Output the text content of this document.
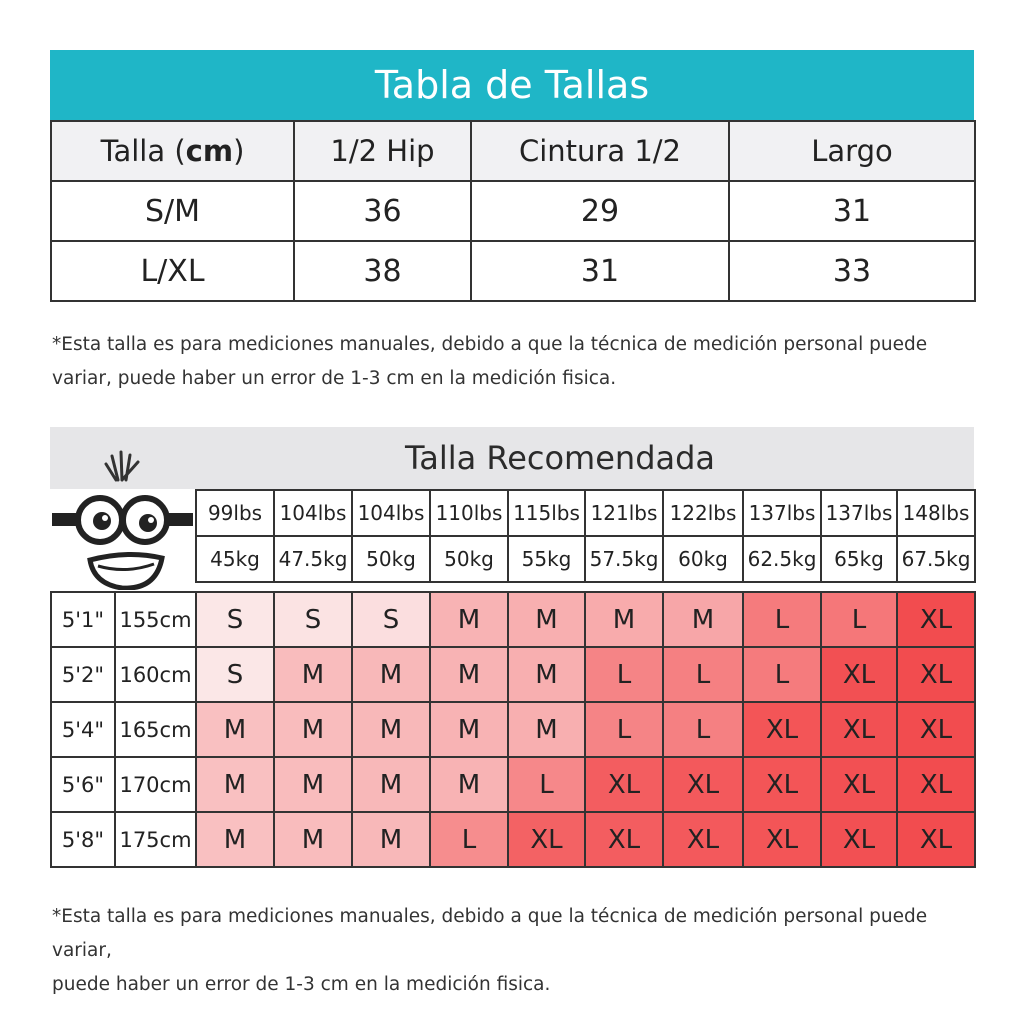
Tabla de Tallas
Talla (cm)	1/2 Hip	Cintura 1/2	Largo
S/M	36	29	31
L/XL	38	31	33
*Esta talla es para mediciones manuales, debido a que la técnica de medición personal puede
variar, puede haber un error de 1-3 cm en la medición fisica.
Talla Recomendada
		99lbs	104lbs	104lbs	110lbs	115lbs	121lbs	122lbs	137lbs	137lbs	148lbs
		45kg	47.5kg	50kg	50kg	55kg	57.5kg	60kg	62.5kg	65kg	67.5kg

5'1"	155cm	S	S	S	M	M	M	M	L	L	XL
5'2"	160cm	S	M	M	M	M	L	L	L	XL	XL
5'4"	165cm	M	M	M	M	M	L	L	XL	XL	XL
5'6"	170cm	M	M	M	M	L	XL	XL	XL	XL	XL
5'8"	175cm	M	M	M	L	XL	XL	XL	XL	XL	XL
*Esta talla es para mediciones manuales, debido a que la técnica de medición personal puede variar,
puede haber un error de 1-3 cm en la medición fisica.
